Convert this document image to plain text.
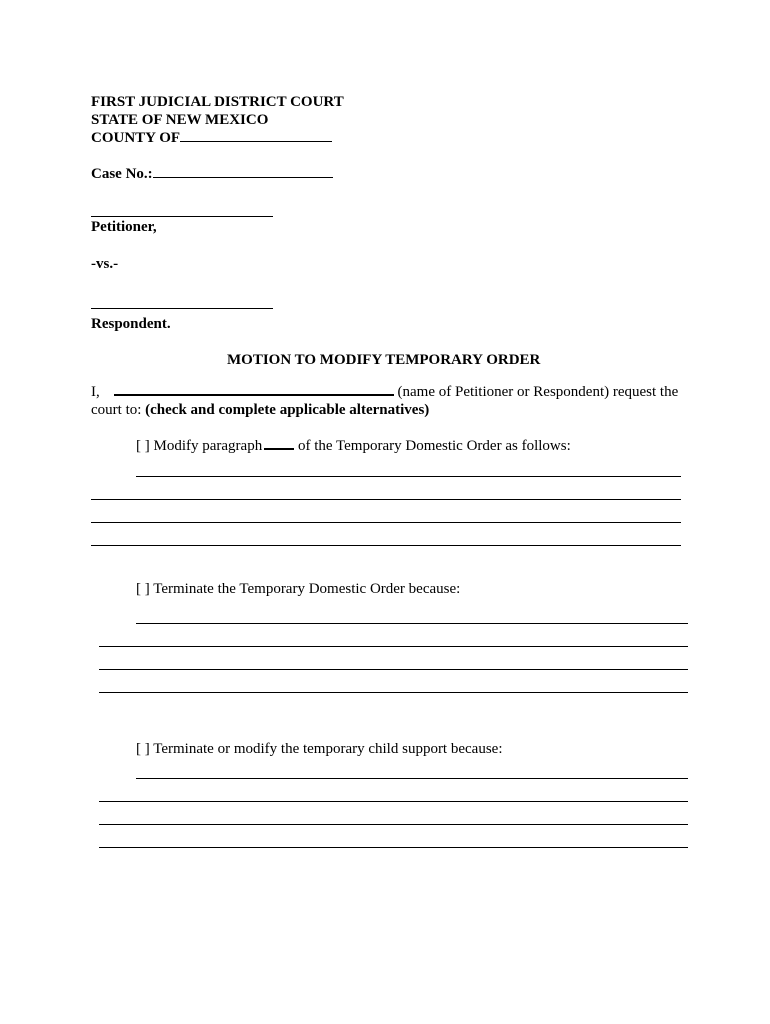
FIRST JUDICIAL DISTRICT COURT
STATE OF NEW MEXICO
COUNTY OF
Case No.:
Petitioner,
-vs.-
Respondent.
MOTION TO MODIFY TEMPORARY ORDER
I,	(name of Petitioner or Respondent) request the
court to: (check and complete applicable alternatives)
[ ] Modify paragraph of the Temporary Domestic Order as follows:
[ ] Terminate the Temporary Domestic Order because:
[ ] Terminate or modify the temporary child support because:
